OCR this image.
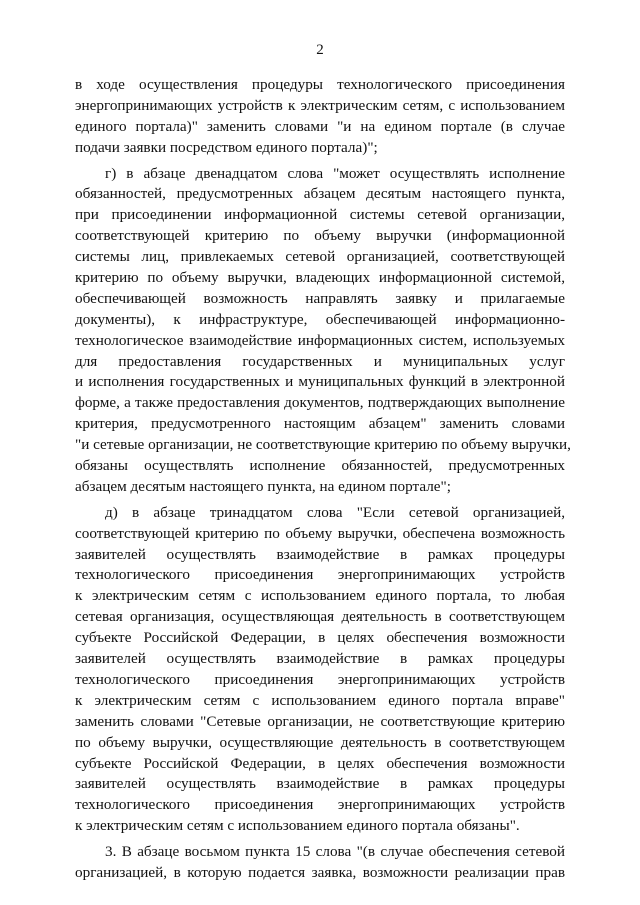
2
в ходе осуществления процедуры технологического присоединения
энергопринимающих устройств к электрическим сетям, с использованием
единого портала)" заменить словами "и на едином портале (в случае
подачи заявки посредством единого портала)";
г) в абзаце двенадцатом слова "может осуществлять исполнение
обязанностей, предусмотренных абзацем десятым настоящего пункта,
при присоединении информационной системы сетевой организации,
соответствующей критерию по объему выручки (информационной
системы лиц, привлекаемых сетевой организацией, соответствующей
критерию по объему выручки, владеющих информационной системой,
обеспечивающей возможность направлять заявку и прилагаемые
документы), к инфраструктуре, обеспечивающей информационно-
технологическое взаимодействие информационных систем, используемых
для предоставления государственных и муниципальных услуг
и исполнения государственных и муниципальных функций в электронной
форме, а также предоставления документов, подтверждающих выполнение
критерия, предусмотренного настоящим абзацем" заменить словами
"и сетевые организации, не соответствующие критерию по объему выручки,
обязаны осуществлять исполнение обязанностей, предусмотренных
абзацем десятым настоящего пункта, на едином портале";
д) в абзаце тринадцатом слова "Если сетевой организацией,
соответствующей критерию по объему выручки, обеспечена возможность
заявителей осуществлять взаимодействие в рамках процедуры
технологического присоединения энергопринимающих устройств
к электрическим сетям с использованием единого портала, то любая
сетевая организация, осуществляющая деятельность в соответствующем
субъекте Российской Федерации, в целях обеспечения возможности
заявителей осуществлять взаимодействие в рамках процедуры
технологического присоединения энергопринимающих устройств
к электрическим сетям с использованием единого портала вправе"
заменить словами "Сетевые организации, не соответствующие критерию
по объему выручки, осуществляющие деятельность в соответствующем
субъекте Российской Федерации, в целях обеспечения возможности
заявителей осуществлять взаимодействие в рамках процедуры
технологического присоединения энергопринимающих устройств
к электрическим сетям с использованием единого портала обязаны".
3. В абзаце восьмом пункта 15 слова "(в случае обеспечения сетевой
организацией, в которую подается заявка, возможности реализации прав
